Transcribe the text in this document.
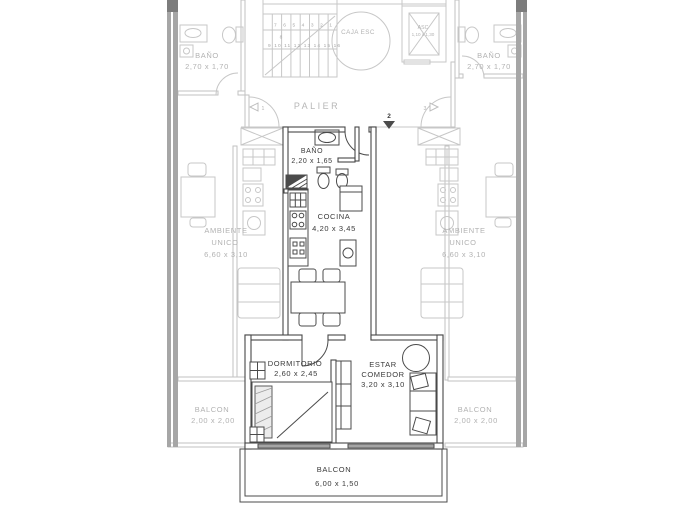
1	3
2
PALIER
CAJA ESC
7 6 5 4 3 2 1
8
9 10 11 12 13 14 15 16
ASC
1,10 x 1,30
BAÑO
2,70 x 1,70
AMBIENTE
UNICO
6,60 x 3,10
BALCON
2,00 x 2,00
BAÑO
2,70 x 1,70
AMBIENTE
UNICO
6,60 x 3,10
BALCON
2,00 x 2,00
BAÑO
2,20 x 1,65
COCINA
4,20 x 3,45
DORMITORIO
2,60 x 2,45
ESTAR
COMEDOR
3,20 x 3,10
BALCON
6,00 x 1,50
